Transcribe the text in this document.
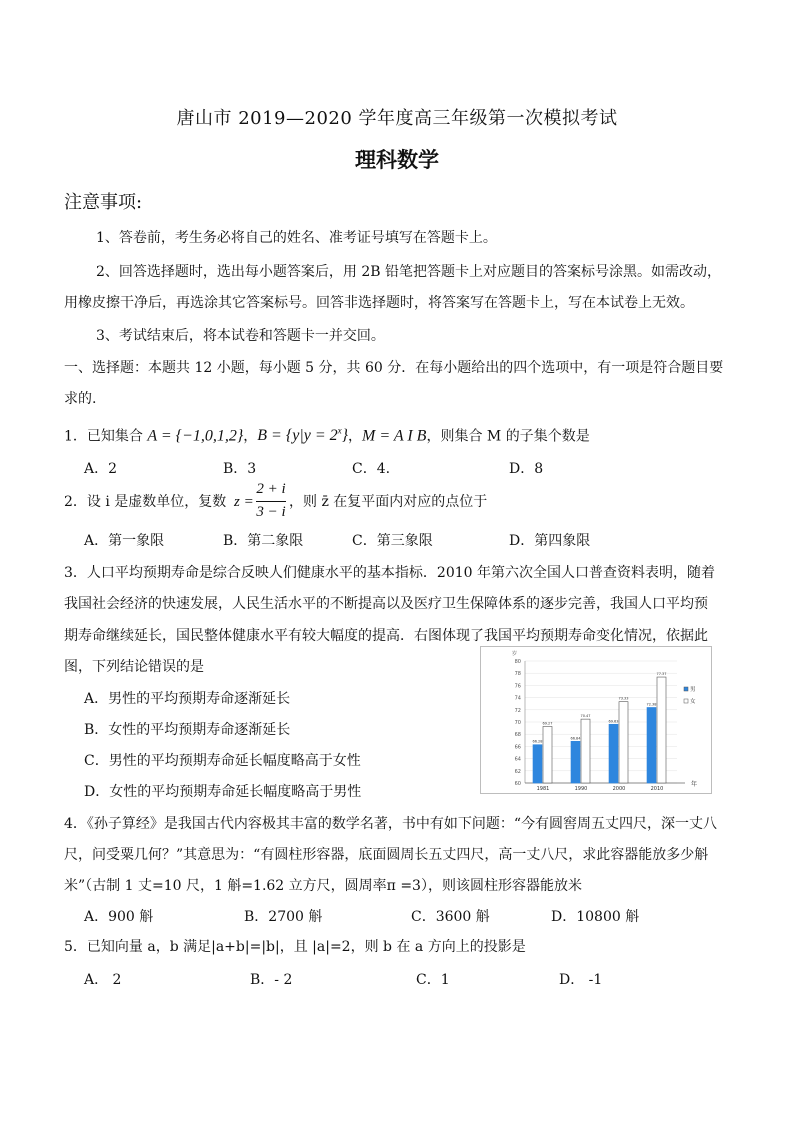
唐山市 2019—2020 学年度高三年级第一次模拟考试
理科数学
注意事项:
1、答卷前，考生务必将自己的姓名、准考证号填写在答题卡上。
2、回答选择题时，选出每小题答案后，用 2B 铅笔把答题卡上对应题目的答案标号涂黑。如需改动，
用橡皮擦干净后，再选涂其它答案标号。回答非选择题时，将答案写在答题卡上，写在本试卷上无效。
3、考试结束后，将本试卷和答题卡一并交回。
一、选择题：本题共 12 小题，每小题 5 分，共 60 分．在每小题给出的四个选项中，有一项是符合题目要
求的.
1．已知集合 A = {−1,0,1,2}，$B = \{y|y = 2^x\}$，M = A I B，则集合 M 的子集个数是
A．2	B．3	C．4.	D．8
2．设 i 是虚数单位，复数 z =
2 + i
3 − i
，则 z̄ 在复平面内对应的点位于
A．第一象限	B．第二象限	C．第三象限	D．第四象限
3．人口平均预期寿命是综合反映人们健康水平的基本指标．2010 年第六次全国人口普查资料表明，随着
我国社会经济的快速发展，人民生活水平的不断提高以及医疗卫生保障体系的逐步完善，我国人口平均预
期寿命继续延长，国民整体健康水平有较大幅度的提高．右图体现了我国平均预期寿命变化情况，依据此
图，下列结论错误的是
A．男性的平均预期寿命逐渐延长
B．女性的平均预期寿命逐渐延长
C．男性的平均预期寿命延长幅度略高于女性
D．女性的平均预期寿命延长幅度略高于男性
岁
60
62
64
66
68
70
72
74
76
78
80
年
66.28
69.27
1981
66.84
70.47
1990
69.63
73.33
2000
72.38
77.37
2010
男
女
4．《孙子算经》是我国古代内容极其丰富的数学名著，书中有如下问题：“今有圆窖周五丈四尺，深一丈八
尺，问受粟几何？”其意思为：“有圆柱形容器，底面圆周长五丈四尺，高一丈八尺，求此容器能放多少斛
米”（古制 1 丈=10 尺，1 斛=1.62 立方尺，圆周率π =3），则该圆柱形容器能放米
A．900 斛	B．2700 斛	C．3600 斛	D．10800 斛
5．已知向量 a，b 满足|a+b|=|b|，且 |a|=2，则 b 在 a 方向上的投影是
A． 2	B．- 2	C．1	D． -1
